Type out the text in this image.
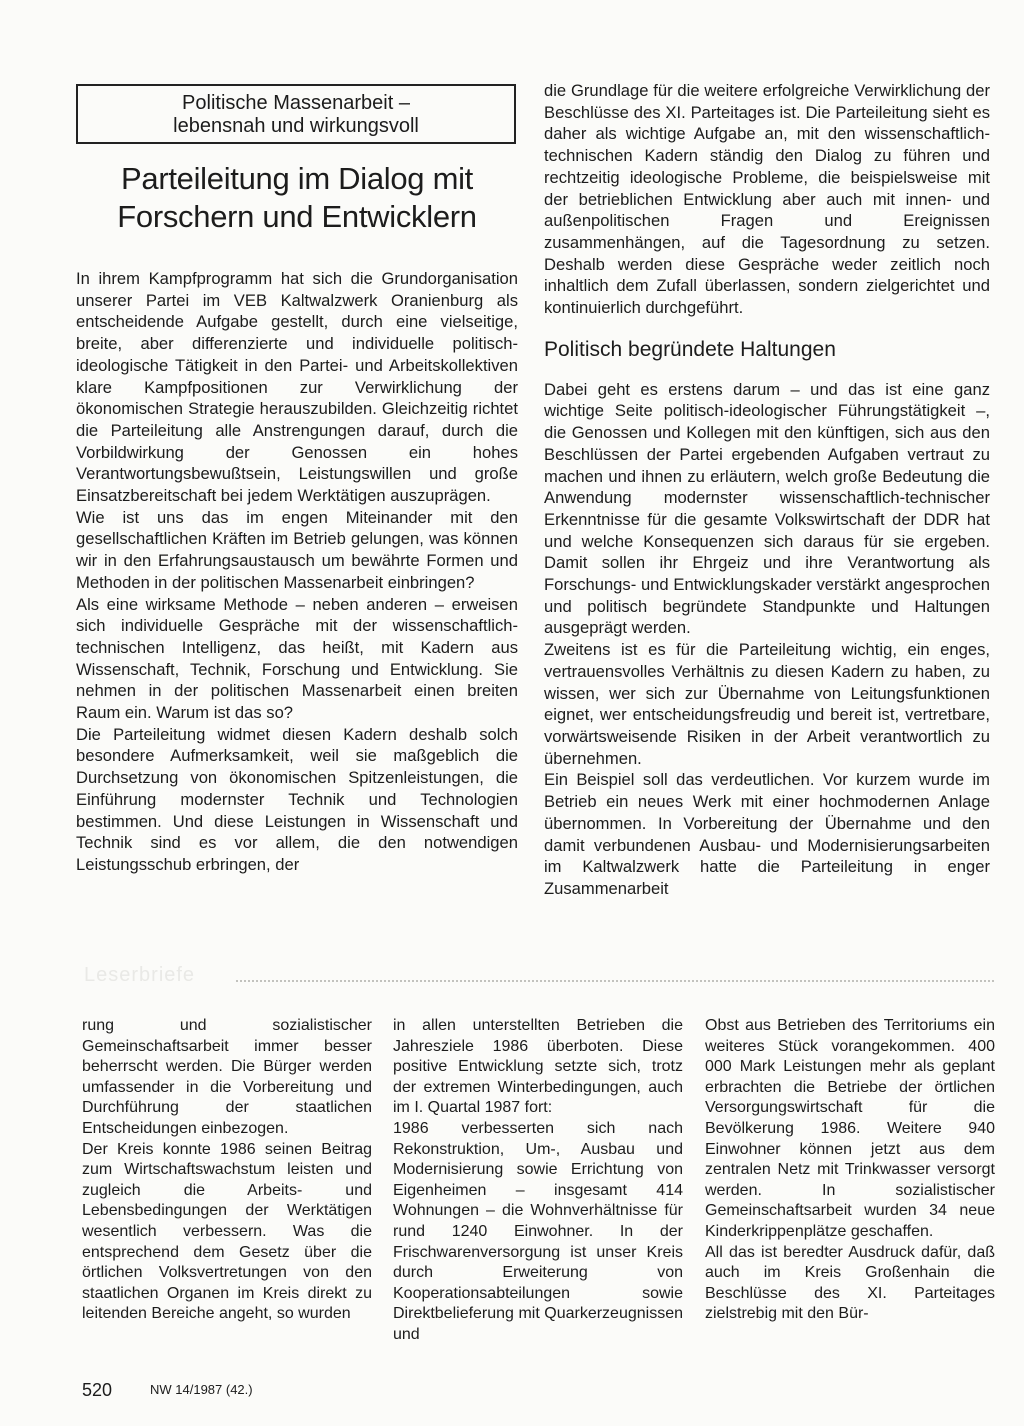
Politische Massenarbeit –
lebensnah und wirkungsvoll
Parteileitung im Dialog mit
Forschern und Entwicklern

In ihrem Kampfprogramm hat sich die Grundorganisation unserer Partei im VEB Kaltwalzwerk Oranienburg als entscheidende Aufgabe gestellt, durch eine vielseitige, breite, aber differenzierte und individuelle politisch-ideologische Tätigkeit in den Partei- und Arbeitskollektiven klare Kampfpositionen zur Verwirklichung der ökonomischen Strategie herauszubilden. Gleichzeitig richtet die Parteileitung alle Anstrengungen darauf, durch die Vorbildwirkung der Genossen ein hohes Verantwortungsbewußtsein, Leistungswillen und große Einsatzbereitschaft bei jedem Werktätigen auszuprägen.

Wie ist uns das im engen Miteinander mit den gesellschaftlichen Kräften im Betrieb gelungen, was können wir in den Erfahrungsaustausch um bewährte Formen und Methoden in der politischen Massenarbeit einbringen?

Als eine wirksame Methode – neben anderen – erweisen sich individuelle Gespräche mit der wissenschaftlich-technischen Intelligenz, das heißt, mit Kadern aus Wissenschaft, Technik, Forschung und Entwicklung. Sie nehmen in der politischen Massenarbeit einen breiten Raum ein. Warum ist das so?

Die Parteileitung widmet diesen Kadern deshalb solch besondere Aufmerksamkeit, weil sie maßgeblich die Durchsetzung von ökonomischen Spitzenleistungen, die Einführung modernster Technik und Technologien bestimmen. Und diese Leistungen in Wissenschaft und Technik sind es vor allem, die den notwendigen Leistungsschub erbringen, der

die Grundlage für die weitere erfolgreiche Verwirklichung der Beschlüsse des XI. Parteitages ist. Die Parteileitung sieht es daher als wichtige Aufgabe an, mit den wissenschaftlich-technischen Kadern ständig den Dialog zu führen und rechtzeitig ideologische Probleme, die beispielsweise mit der betrieblichen Entwicklung aber auch mit innen- und außenpolitischen Fragen und Ereignissen zusammenhängen, auf die Tagesordnung zu setzen. Deshalb werden diese Gespräche weder zeitlich noch inhaltlich dem Zufall überlassen, sondern zielgerichtet und kontinuierlich durchgeführt.

Politisch begründete Haltungen

Dabei geht es erstens darum – und das ist eine ganz wichtige Seite politisch-ideologischer Führungstätigkeit –, die Genossen und Kollegen mit den künftigen, sich aus den Beschlüssen der Partei ergebenden Aufgaben vertraut zu machen und ihnen zu erläutern, welch große Bedeutung die Anwendung modernster wissenschaftlich-technischer Erkenntnisse für die gesamte Volkswirtschaft der DDR hat und welche Konsequenzen sich daraus für sie ergeben. Damit sollen ihr Ehrgeiz und ihre Verantwortung als Forschungs- und Entwicklungskader verstärkt angesprochen und politisch begründete Standpunkte und Haltungen ausgeprägt werden.

Zweitens ist es für die Parteileitung wichtig, ein enges, vertrauensvolles Verhältnis zu diesen Kadern zu haben, zu wissen, wer sich zur Übernahme von Leitungsfunktionen eignet, wer entscheidungsfreudig und bereit ist, vertretbare, vorwärtsweisende Risiken in der Arbeit verantwortlich zu übernehmen.

Ein Beispiel soll das verdeutlichen. Vor kurzem wurde im Betrieb ein neues Werk mit einer hochmodernen Anlage übernommen. In Vorbereitung der Übernahme und den damit verbundenen Ausbau- und Modernisierungsarbeiten im Kaltwalzwerk hatte die Parteileitung in enger Zusammenarbeit

Leserbriefe

rung und sozialistischer Gemeinschaftsarbeit immer besser beherrscht werden. Die Bürger werden umfassender in die Vorbereitung und Durchführung der staatlichen Entscheidungen einbezogen.

Der Kreis konnte 1986 seinen Beitrag zum Wirtschaftswachstum leisten und zugleich die Arbeits- und Lebensbedingungen der Werktätigen wesentlich verbessern. Was die entsprechend dem Gesetz über die örtlichen Volksvertretungen von den staatlichen Organen im Kreis direkt zu leitenden Bereiche angeht, so wurden

in allen unterstellten Betrieben die Jahresziele 1986 überboten. Diese positive Entwicklung setzte sich, trotz der extremen Winterbedingungen, auch im I. Quartal 1987 fort:

1986 verbesserten sich nach Rekonstruktion, Um-, Ausbau und Modernisierung sowie Errichtung von Eigenheimen – insgesamt 414 Wohnungen – die Wohnverhältnisse für rund 1240 Einwohner. In der Frischwarenversorgung ist unser Kreis durch Erweiterung von Kooperationsabteilungen sowie Direktbelieferung mit Quarkerzeugnissen und

Obst aus Betrieben des Territoriums ein weiteres Stück vorangekommen. 400 000 Mark Leistungen mehr als geplant erbrachten die Betriebe der örtlichen Versorgungswirtschaft für die Bevölkerung 1986. Weitere 940 Einwohner können jetzt aus dem zentralen Netz mit Trinkwasser versorgt werden. In sozialistischer Gemeinschaftsarbeit wurden 34 neue Kinderkrippenplätze geschaffen.

All das ist beredter Ausdruck dafür, daß auch im Kreis Großenhain die Beschlüsse des XI. Parteitages zielstrebig mit den Bür-

520	NW 14/1987 (42.)
